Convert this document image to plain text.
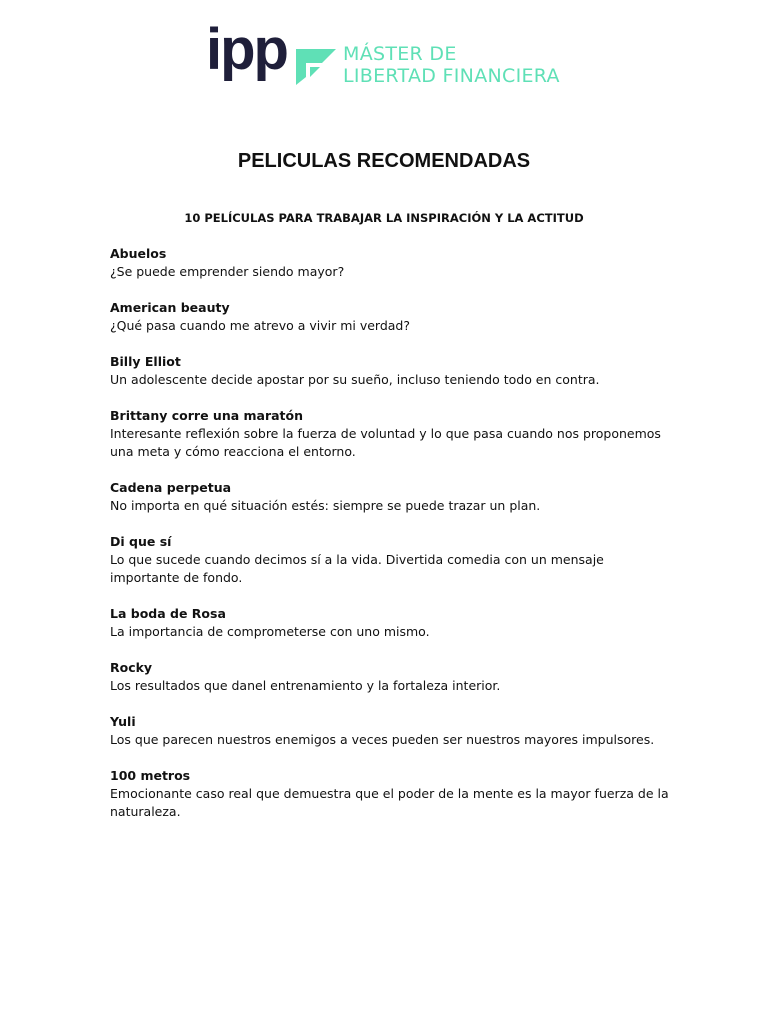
ipp	MÁSTER DE
LIBERTAD FINANCIERA
PELICULAS RECOMENDADAS
10 PELÍCULAS PARA TRABAJAR LA INSPIRACIÓN Y LA ACTITUD
Abuelos
¿Se puede emprender siendo mayor?
American beauty
¿Qué pasa cuando me atrevo a vivir mi verdad?
Billy Elliot
Un adolescente decide apostar por su sueño, incluso teniendo todo en contra.
Brittany corre una maratón
Interesante reflexión sobre la fuerza de voluntad y lo que pasa cuando nos proponemos una meta y cómo reacciona el entorno.
Cadena perpetua
No importa en qué situación estés: siempre se puede trazar un plan.
Di que sí
Lo que sucede cuando decimos sí a la vida. Divertida comedia con un mensaje importante de fondo.
La boda de Rosa
La importancia de comprometerse con uno mismo.
Rocky
Los resultados que danel entrenamiento y la fortaleza interior.
Yuli
Los que parecen nuestros enemigos a veces pueden ser nuestros mayores impulsores.
100 metros
Emocionante caso real que demuestra que el poder de la mente es la mayor fuerza de la naturaleza.
